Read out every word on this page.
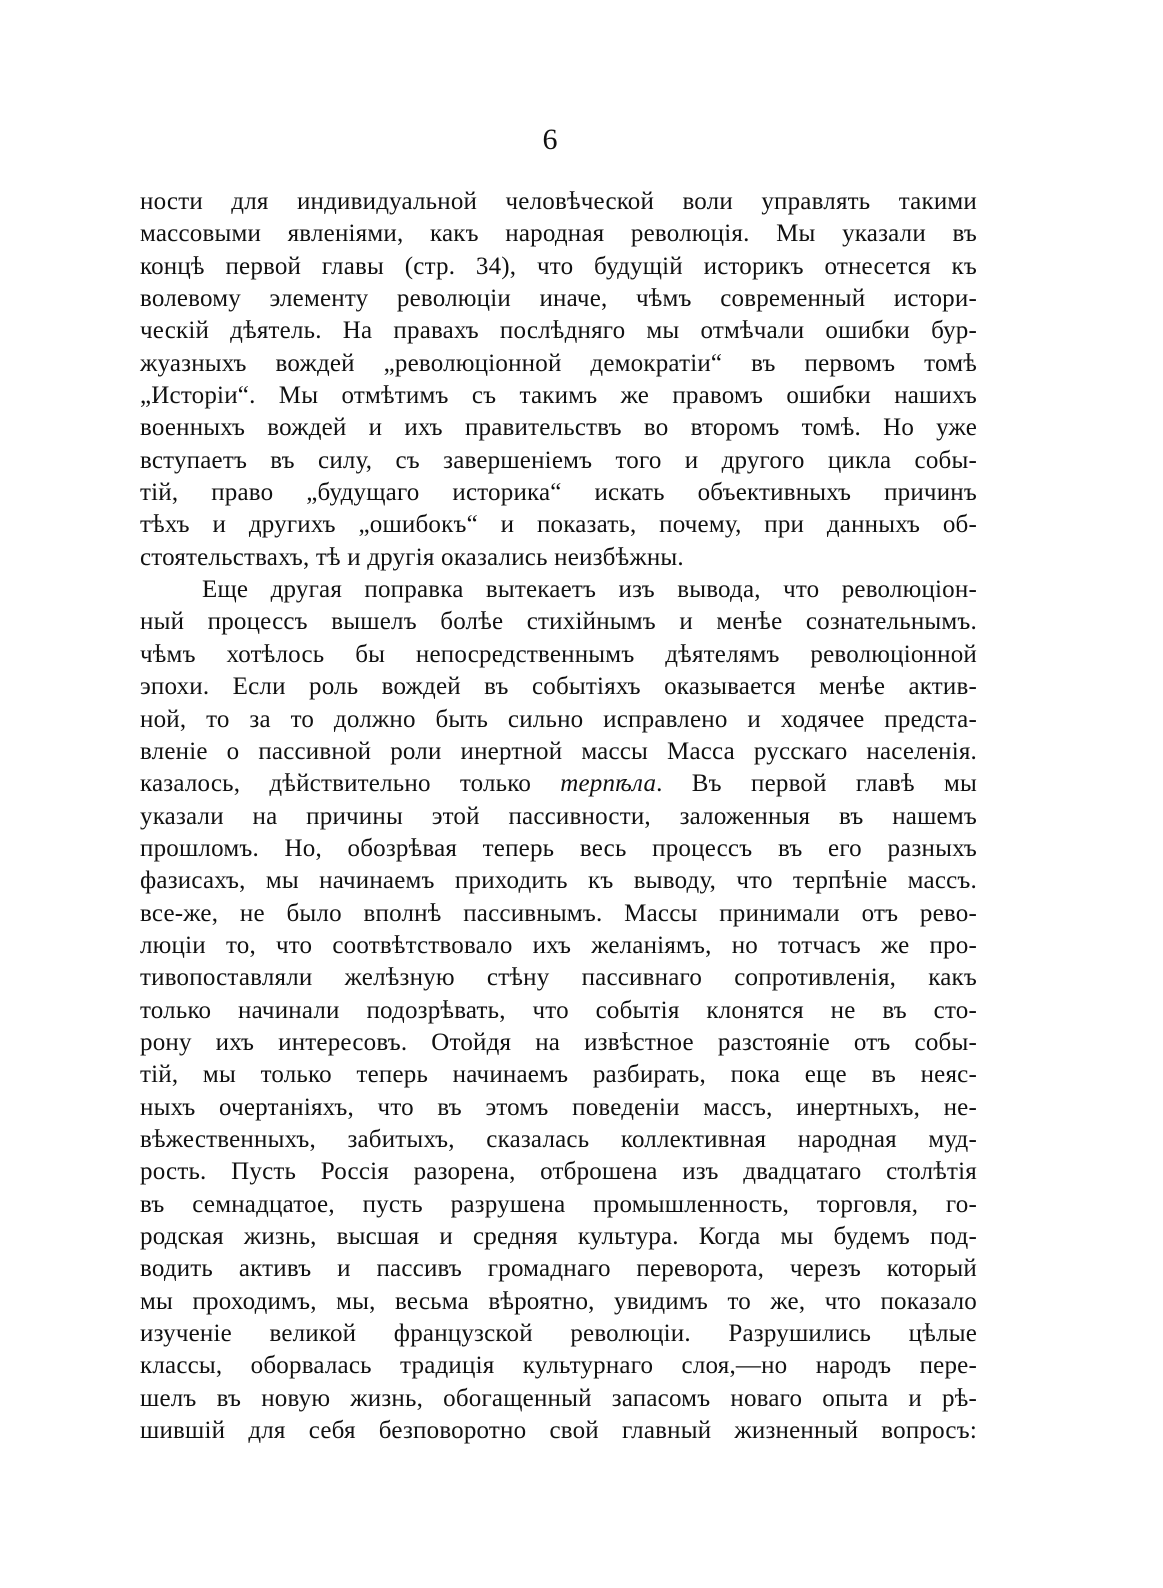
6
ности для индивидуальной человѣческой воли управлять такими
массовыми явленіями, какъ народная революція. Мы указали въ
концѣ первой главы (стр. 34), что будущій историкъ отнесется къ
волевому элементу революціи иначе, чѣмъ современный истори-
ческій дѣятель. На правахъ послѣдняго мы отмѣчали ошибки бур-
жуазныхъ вождей „революціонной демократіи“ въ первомъ томѣ
„Исторіи“. Мы отмѣтимъ съ такимъ же правомъ ошибки нашихъ
военныхъ вождей и ихъ правительствъ во второмъ томѣ. Но уже
вступаетъ въ силу, съ завершеніемъ того и другого цикла собы-
тій, право „будущаго историка“ искать объективныхъ причинъ
тѣхъ и другихъ „ошибокъ“ и показать, почему, при данныхъ об-
стоятельствахъ, тѣ и другія оказались неизбѣжны.
Еще другая поправка вытекаетъ изъ вывода, что революціон-
ный процессъ вышелъ болѣе стихійнымъ и менѣе сознательнымъ.
чѣмъ хотѣлось бы непосредственнымъ дѣятелямъ революціонной
эпохи. Если роль вождей въ событіяхъ оказывается менѣе актив-
ной, то за то должно быть сильно исправлено и ходячее предста-
вленіе о пассивной роли инертной массы Масса русскаго населенія.
казалось, дѣйствительно только терпѣла. Въ первой главѣ мы
указали на причины этой пассивности, заложенныя въ нашемъ
прошломъ. Но, обозрѣвая теперь весь процессъ въ его разныхъ
фазисахъ, мы начинаемъ приходить къ выводу, что терпѣніе массъ.
все-же, не было вполнѣ пассивнымъ. Массы принимали отъ рево-
люціи то, что соотвѣтствовало ихъ желаніямъ, но тотчасъ же про-
тивопоставляли желѣзную стѣну пассивнаго сопротивленія, какъ
только начинали подозрѣвать, что событія клонятся не въ сто-
рону ихъ интересовъ. Отойдя на извѣстное разстояніе отъ собы-
тій, мы только теперь начинаемъ разбирать, пока еще въ неяс-
ныхъ очертаніяхъ, что въ этомъ поведеніи массъ, инертныхъ, не-
вѣжественныхъ, забитыхъ, сказалась коллективная народная муд-
рость. Пусть Россія разорена, отброшена изъ двадцатаго столѣтія
въ семнадцатое, пусть разрушена промышленность, торговля, го-
родская жизнь, высшая и средняя культура. Когда мы будемъ под-
водить активъ и пассивъ громаднаго переворота, черезъ который
мы проходимъ, мы, весьма вѣроятно, увидимъ то же, что показало
изученіе великой французской революціи. Разрушились цѣлые
классы, оборвалась традиція культурнаго слоя,—но народъ пере-
шелъ въ новую жизнь, обогащенный запасомъ новаго опыта и рѣ-
шившій для себя безповоротно свой главный жизненный вопросъ:
